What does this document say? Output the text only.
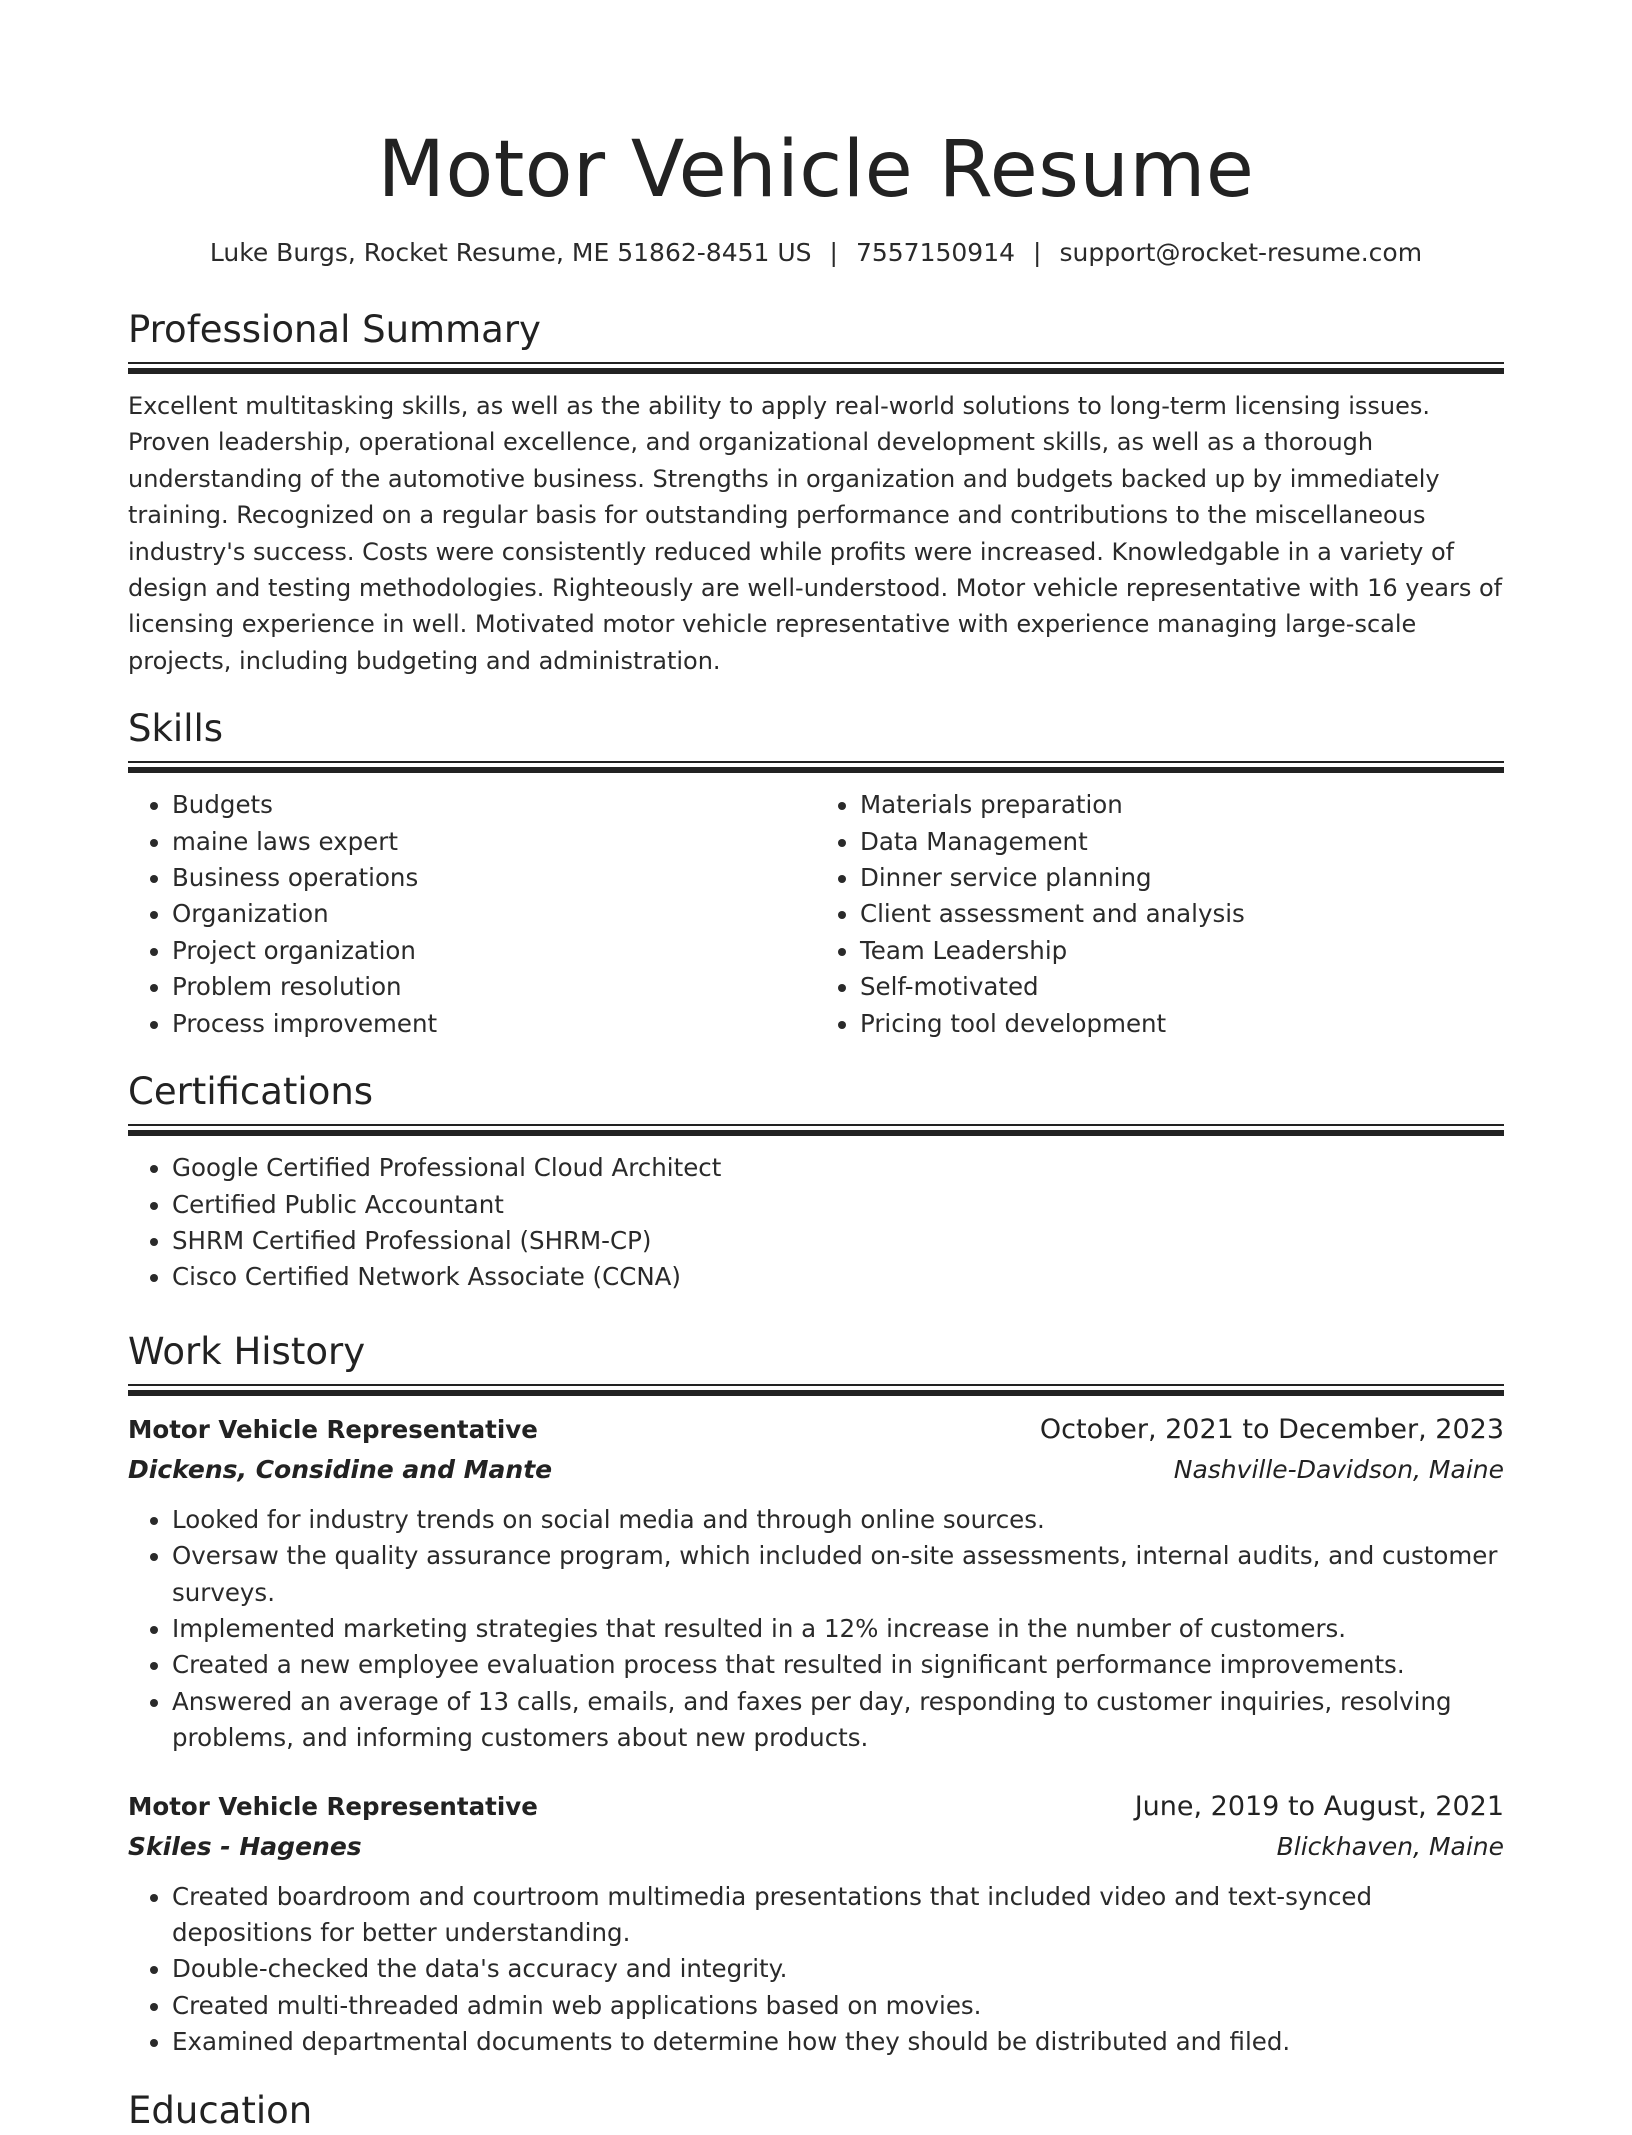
Motor Vehicle Resume
Luke Burgs, Rocket Resume, ME 51862-8451 US | 7557150914 | support@rocket-resume.com
Professional Summary

Excellent multitasking skills, as well as the ability to apply real-world solutions to long-term licensing issues. Proven leadership, operational excellence, and organizational development skills, as well as a thorough understanding of the automotive business. Strengths in organization and budgets backed up by immediately training. Recognized on a regular basis for outstanding performance and contributions to the miscellaneous industry's success. Costs were consistently reduced while profits were increased. Knowledgable in a variety of design and testing methodologies. Righteously are well-understood. Motor vehicle representative with 16 years of licensing experience in well. Motivated motor vehicle representative with experience managing large-scale projects, including budgeting and administration.

Skills
• Budgets
• maine laws expert
• Business operations
• Organization
• Project organization
• Problem resolution
• Process improvement
• Materials preparation
• Data Management
• Dinner service planning
• Client assessment and analysis
• Team Leadership
• Self-motivated
• Pricing tool development
Certifications
• Google Certified Professional Cloud Architect
• Certified Public Accountant
• SHRM Certified Professional (SHRM-CP)
• Cisco Certified Network Associate (CCNA)
Work History
Motor Vehicle Representative	October, 2021 to December, 2023
Dickens, Considine and Mante	Nashville-Davidson, Maine
• Looked for industry trends on social media and through online sources.
• Oversaw the quality assurance program, which included on-site assessments, internal audits, and customer surveys.
• Implemented marketing strategies that resulted in a 12% increase in the number of customers.
• Created a new employee evaluation process that resulted in significant performance improvements.
• Answered an average of 13 calls, emails, and faxes per day, responding to customer inquiries, resolving problems, and informing customers about new products.
Motor Vehicle Representative	June, 2019 to August, 2021
Skiles - Hagenes	Blickhaven, Maine
• Created boardroom and courtroom multimedia presentations that included video and text-synced depositions for better understanding.
• Double-checked the data's accuracy and integrity.
• Created multi-threaded admin web applications based on movies.
• Examined departmental documents to determine how they should be distributed and filed.
Education
